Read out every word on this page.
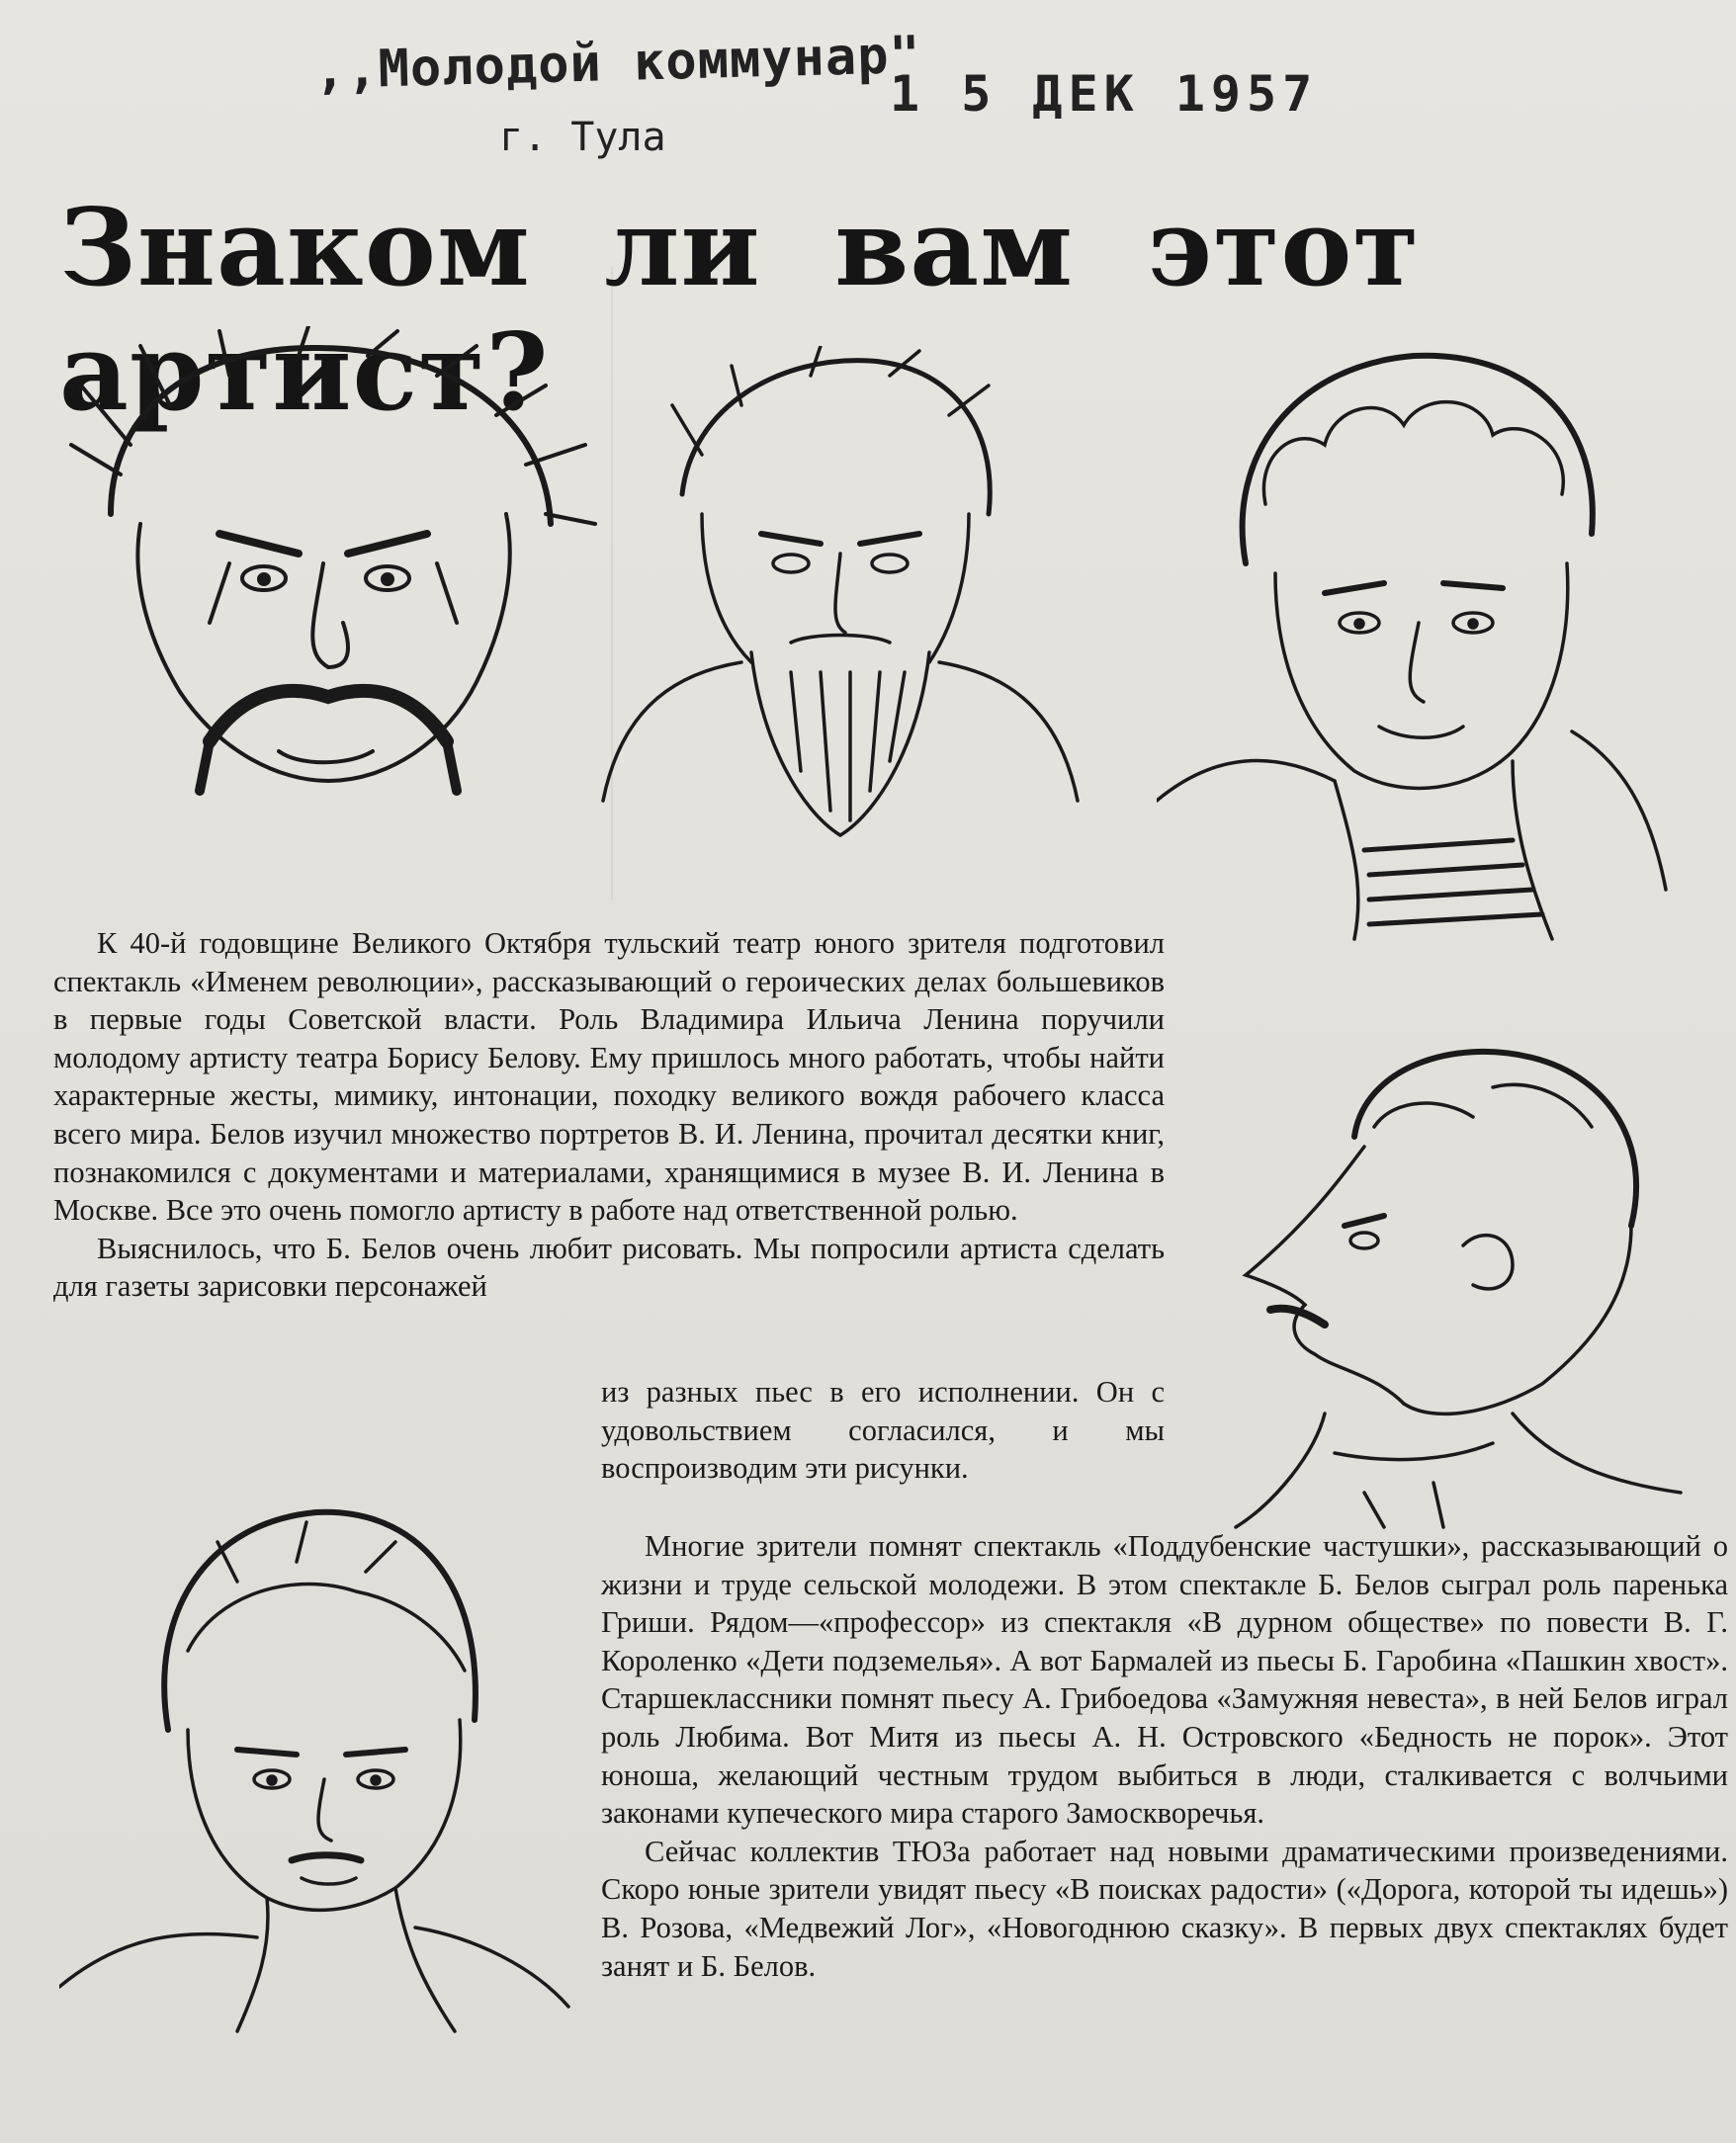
,,Молодой коммунар"
г. Тула
1 5 ДЕК 1957
Знаком ли вам этот артист?

К 40-й годовщине Великого Октября тульский театр юного зрителя подготовил спектакль «Именем революции», рассказывающий о героических делах большевиков в первые годы Советской власти. Роль Владимира Ильича Ленина поручили молодому артисту театра Борису Белову. Ему пришлось много работать, чтобы найти характерные жесты, мимику, интонации, походку великого вождя рабочего класса всего мира. Белов изучил множество портретов В. И. Ленина, прочитал десятки книг, познакомился с документами и материалами, хранящимися в музее В. И. Ленина в Москве. Все это очень помогло артисту в работе над ответственной ролью.

Выяснилось, что Б. Белов очень любит рисовать. Мы попросили артиста сделать для газеты зарисовки персонажей

из разных пьес в его исполнении. Он с удовольствием согласился, и мы воспроизводим эти рисунки.

Многие зрители помнят спектакль «Поддубенские частушки», рассказывающий о жизни и труде сельской молодежи. В этом спектакле Б. Белов сыграл роль паренька Гриши. Рядом—«профессор» из спектакля «В дурном обществе» по повести В. Г. Короленко «Дети подземелья». А вот Бармалей из пьесы Б. Гаробина «Пашкин хвост». Старшеклассники помнят пьесу А. Грибоедова «Замужняя невеста», в ней Белов играл роль Любима. Вот Митя из пьесы А. Н. Островского «Бедность не порок». Этот юноша, желающий честным трудом выбиться в люди, сталкивается с волчьими законами купеческого мира старого Замоскворечья.

Сейчас коллектив ТЮЗа работает над новыми драматическими произведениями. Скоро юные зрители увидят пьесу «В поисках радости» («Дорога, которой ты идешь») В. Розова, «Медвежий Лог», «Новогоднюю сказку». В первых двух спектаклях будет занят и Б. Белов.
